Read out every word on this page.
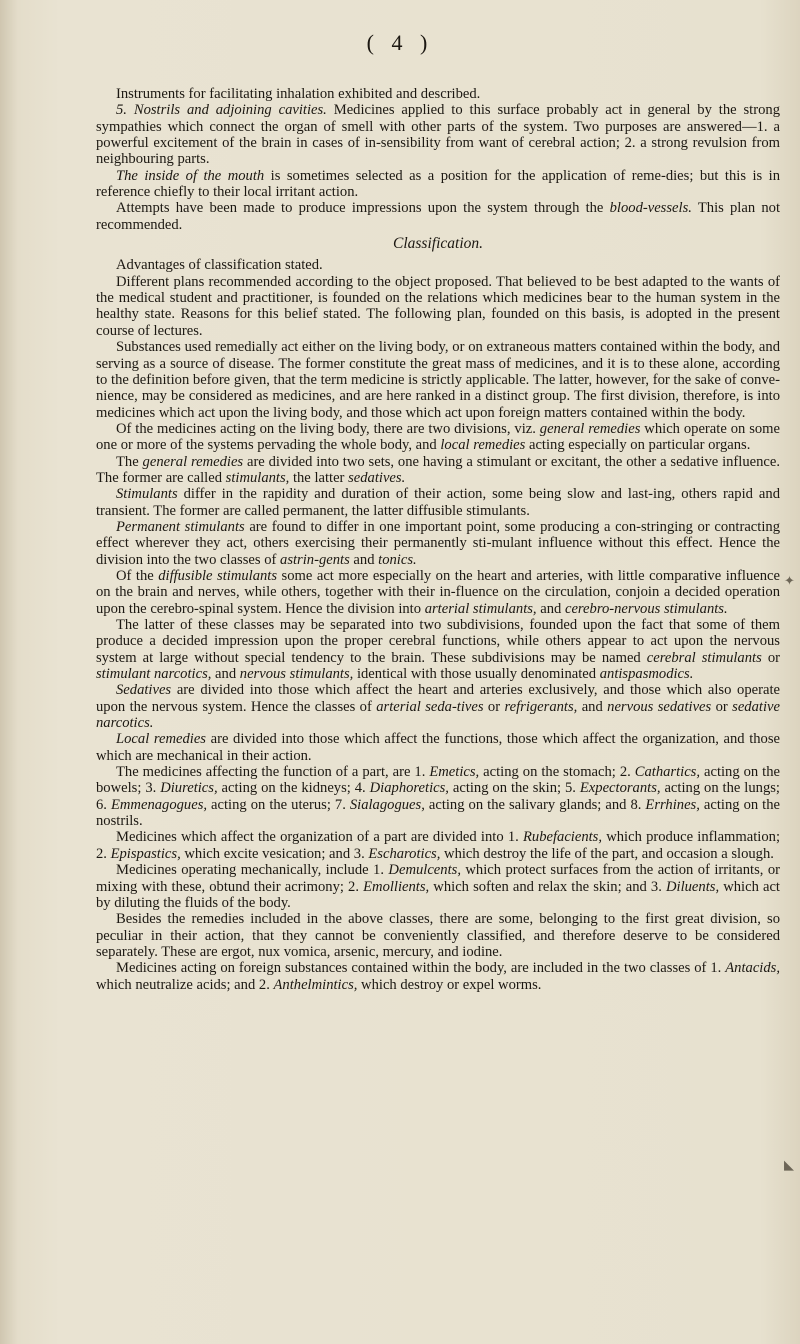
( 4 )

Instruments for facilitating inhalation exhibited and described.

5. Nostrils and adjoining cavities. Medicines applied to this surface probably act in general by the strong sympathies which connect the organ of smell with other parts of the system. Two purposes are answered—1. a powerful excitement of the brain in cases of in-sensibility from want of cerebral action; 2. a strong revulsion from neighbouring parts.

The inside of the mouth is sometimes selected as a position for the application of reme-dies; but this is in reference chiefly to their local irritant action.

Attempts have been made to produce impressions upon the system through the blood-vessels. This plan not recommended.

Classification.

Advantages of classification stated.

Different plans recommended according to the object proposed. That believed to be best adapted to the wants of the medical student and practitioner, is founded on the relations which medicines bear to the human system in the healthy state. Reasons for this belief stated. The following plan, founded on this basis, is adopted in the present course of lectures.

Substances used remedially act either on the living body, or on extraneous matters contained within the body, and serving as a source of disease. The former constitute the great mass of medicines, and it is to these alone, according to the definition before given, that the term medicine is strictly applicable. The latter, however, for the sake of conve-nience, may be considered as medicines, and are here ranked in a distinct group. The first division, therefore, is into medicines which act upon the living body, and those which act upon foreign matters contained within the body.

Of the medicines acting on the living body, there are two divisions, viz. general remedies which operate on some one or more of the systems pervading the whole body, and local remedies acting especially on particular organs.

The general remedies are divided into two sets, one having a stimulant or excitant, the other a sedative influence. The former are called stimulants, the latter sedatives.

Stimulants differ in the rapidity and duration of their action, some being slow and last-ing, others rapid and transient. The former are called permanent, the latter diffusible stimulants.

Permanent stimulants are found to differ in one important point, some producing a con-stringing or contracting effect wherever they act, others exercising their permanently sti-mulant influence without this effect. Hence the division into the two classes of astrin-gents and tonics.

Of the diffusible stimulants some act more especially on the heart and arteries, with little comparative influence on the brain and nerves, while others, together with their in-fluence on the circulation, conjoin a decided operation upon the cerebro-spinal system. Hence the division into arterial stimulants, and cerebro-nervous stimulants.

The latter of these classes may be separated into two subdivisions, founded upon the fact that some of them produce a decided impression upon the proper cerebral functions, while others appear to act upon the nervous system at large without special tendency to the brain. These subdivisions may be named cerebral stimulants or stimulant narcotics, and nervous stimulants, identical with those usually denominated antispasmodics.

Sedatives are divided into those which affect the heart and arteries exclusively, and those which also operate upon the nervous system. Hence the classes of arterial seda-tives or refrigerants, and nervous sedatives or sedative narcotics.

Local remedies are divided into those which affect the functions, those which affect the organization, and those which are mechanical in their action.

The medicines affecting the function of a part, are 1. Emetics, acting on the stomach; 2. Cathartics, acting on the bowels; 3. Diuretics, acting on the kidneys; 4. Diaphoretics, acting on the skin; 5. Expectorants, acting on the lungs; 6. Emmenagogues, acting on the uterus; 7. Sialagogues, acting on the salivary glands; and 8. Errhines, acting on the nostrils.

Medicines which affect the organization of a part are divided into 1. Rubefacients, which produce inflammation; 2. Epispastics, which excite vesication; and 3. Escharotics, which destroy the life of the part, and occasion a slough.

Medicines operating mechanically, include 1. Demulcents, which protect surfaces from the action of irritants, or mixing with these, obtund their acrimony; 2. Emollients, which soften and relax the skin; and 3. Diluents, which act by diluting the fluids of the body.

Besides the remedies included in the above classes, there are some, belonging to the first great division, so peculiar in their action, that they cannot be conveniently classified, and therefore deserve to be considered separately. These are ergot, nux vomica, arsenic, mercury, and iodine.

Medicines acting on foreign substances contained within the body, are included in the two classes of 1. Antacids, which neutralize acids; and 2. Anthelmintics, which destroy or expel worms.

✦
◣
